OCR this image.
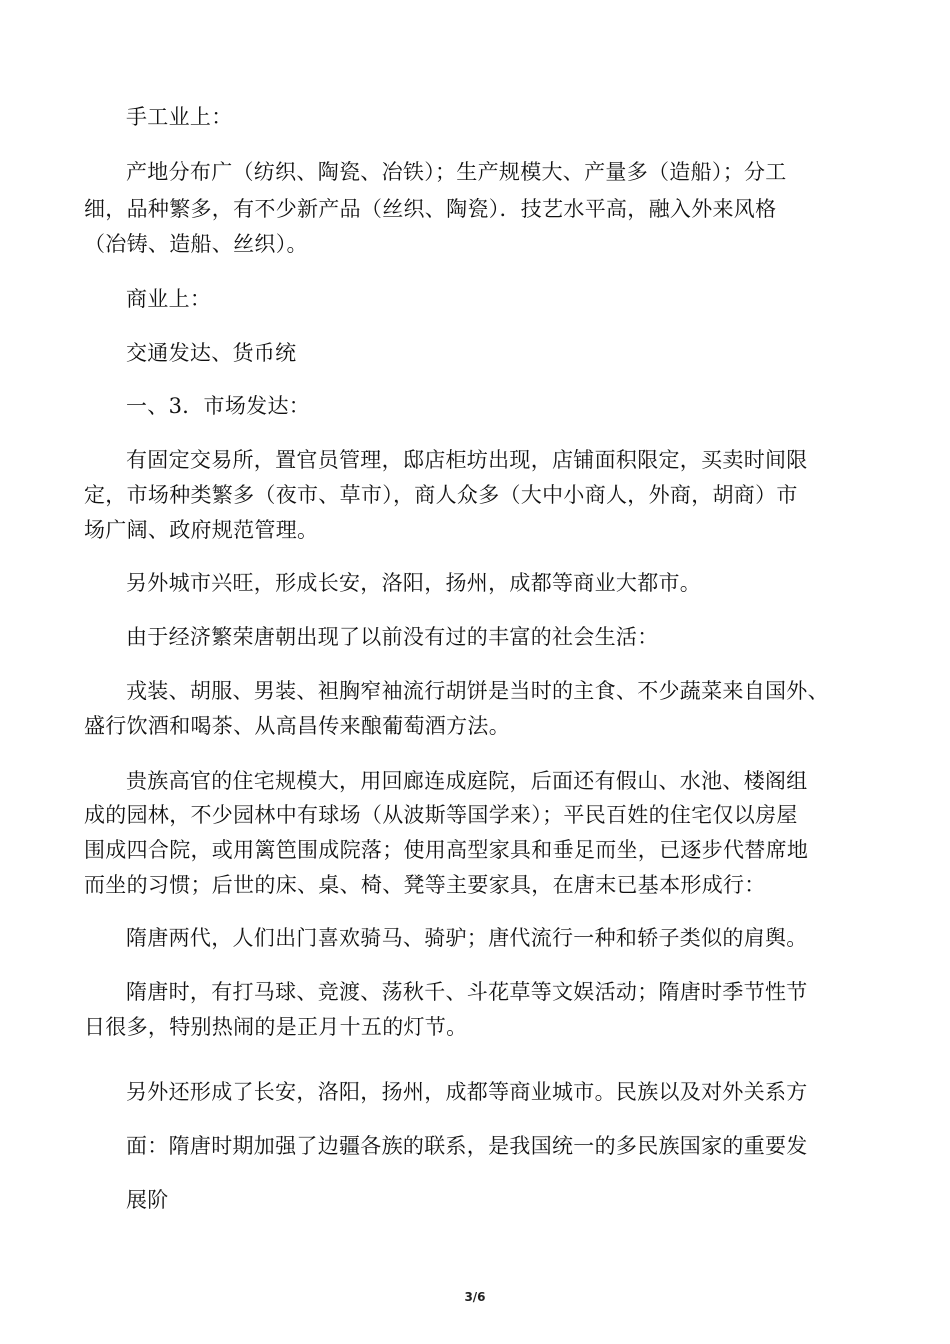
手工业上：
产地分布广（纺织、陶瓷、冶铁）；生产规模大、产量多（造船）；分工
细，品种繁多，有不少新产品（丝织、陶瓷）．技艺水平高，融入外来风格
（冶铸、造船、丝织）。
商业上：
交通发达、货币统
一、3．市场发达：
有固定交易所，置官员管理，邸店柜坊出现，店铺面积限定，买卖时间限
定，市场种类繁多（夜市、草市），商人众多（大中小商人，外商，胡商）市
场广阔、政府规范管理。
另外城市兴旺，形成长安，洛阳，扬州，成都等商业大都市。
由于经济繁荣唐朝出现了以前没有过的丰富的社会生活：
戎装、胡服、男装、袒胸窄袖流行胡饼是当时的主食、不少蔬菜来自国外、
盛行饮酒和喝茶、从高昌传来酿葡萄酒方法。
贵族高官的住宅规模大，用回廊连成庭院，后面还有假山、水池、楼阁组
成的园林，不少园林中有球场（从波斯等国学来）；平民百姓的住宅仅以房屋
围成四合院，或用篱笆围成院落；使用高型家具和垂足而坐，已逐步代替席地
而坐的习惯；后世的床、桌、椅、凳等主要家具，在唐末已基本形成行：
隋唐两代，人们出门喜欢骑马、骑驴；唐代流行一种和轿子类似的肩舆。
隋唐时，有打马球、竞渡、荡秋千、斗花草等文娱活动；隋唐时季节性节
日很多，特别热闹的是正月十五的灯节。
另外还形成了长安，洛阳，扬州，成都等商业城市。民族以及对外关系方
面：隋唐时期加强了边疆各族的联系，是我国统一的多民族国家的重要发
展阶
3/6
